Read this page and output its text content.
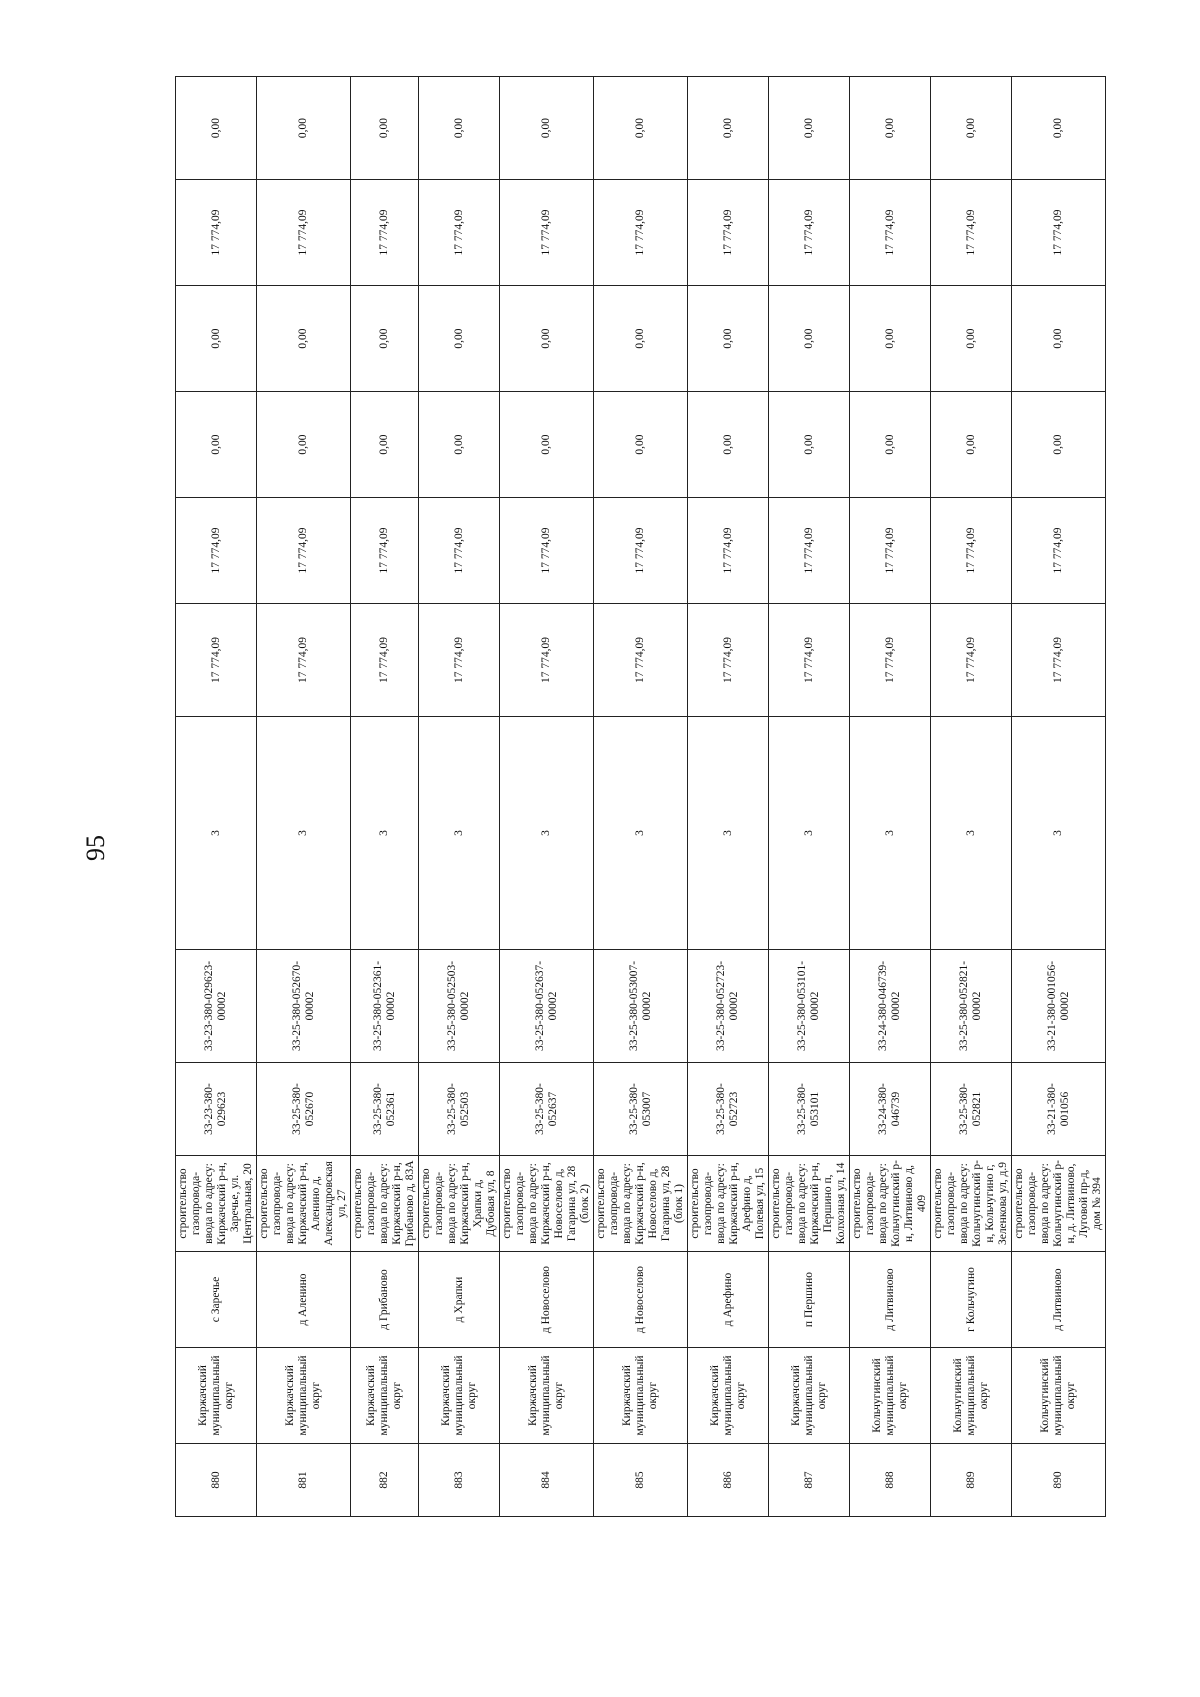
95
880	Киржачский муниципальный округ	с Заречье	строительство газопровода-ввода по адресу: Киржачский р-н, Заречье, ул. Центральная, 20	33-23-380-029623	33-23-380-029623-00002	3	17 774,09	17 774,09	0,00	0,00	17 774,09	0,00
881	Киржачский муниципальный округ	д Аленино	строительство газопровода-ввода по адресу: Киржачский р-н, Аленино д, Александровская ул, 27	33-25-380-052670	33-25-380-052670-00002	3	17 774,09	17 774,09	0,00	0,00	17 774,09	0,00
882	Киржачский муниципальный округ	д Грибаново	строительство газопровода-ввода по адресу: Киржачский р-н, Грибаново д, 83А	33-25-380-052361	33-25-380-052361-00002	3	17 774,09	17 774,09	0,00	0,00	17 774,09	0,00
883	Киржачский муниципальный округ	д Храпки	строительство газопровода-ввода по адресу: Киржачский р-н, Храпки д, Дубовая ул, 8	33-25-380-052503	33-25-380-052503-00002	3	17 774,09	17 774,09	0,00	0,00	17 774,09	0,00
884	Киржачский муниципальный округ	д Новоселово	строительство газопровода-ввода по адресу: Киржачский р-н, Новоселово д, Гагарина ул, 28 (блок 2)	33-25-380-052637	33-25-380-052637-00002	3	17 774,09	17 774,09	0,00	0,00	17 774,09	0,00
885	Киржачский муниципальный округ	д Новоселово	строительство газопровода-ввода по адресу: Киржачский р-н, Новоселово д, Гагарина ул, 28 (блок 1)	33-25-380-053007	33-25-380-053007-00002	3	17 774,09	17 774,09	0,00	0,00	17 774,09	0,00
886	Киржачский муниципальный округ	д Арефино	строительство газопровода-ввода по адресу: Киржачский р-н, Арефино д, Полевая ул, 15	33-25-380-052723	33-25-380-052723-00002	3	17 774,09	17 774,09	0,00	0,00	17 774,09	0,00
887	Киржачский муниципальный округ	п Першино	строительство газопровода-ввода по адресу: Киржачский р-н, Першино п, Колхозная ул, 14	33-25-380-053101	33-25-380-053101-00002	3	17 774,09	17 774,09	0,00	0,00	17 774,09	0,00
888	Кольчугинский муниципальный округ	д Литвиново	строительство газопровода-ввода по адресу: Кольчугинский р-н, Литвиново д, 409	33-24-380-046739	33-24-380-046739-00002	3	17 774,09	17 774,09	0,00	0,00	17 774,09	0,00
889	Кольчугинский муниципальный округ	г Кольчугино	строительство газопровода-ввода по адресу: Кольчугинский р-н, Кольчугино г, Зеленкова ул, д.9	33-25-380-052821	33-25-380-052821-00002	3	17 774,09	17 774,09	0,00	0,00	17 774,09	0,00
890	Кольчугинский муниципальный округ	д Литвиново	строительство газопровода-ввода по адресу: Кольчугинский р-н, д. Литвиново, Луговой пр-д, дом № 394	33-21-380-001056	33-21-380-001056-00002	3	17 774,09	17 774,09	0,00	0,00	17 774,09	0,00
